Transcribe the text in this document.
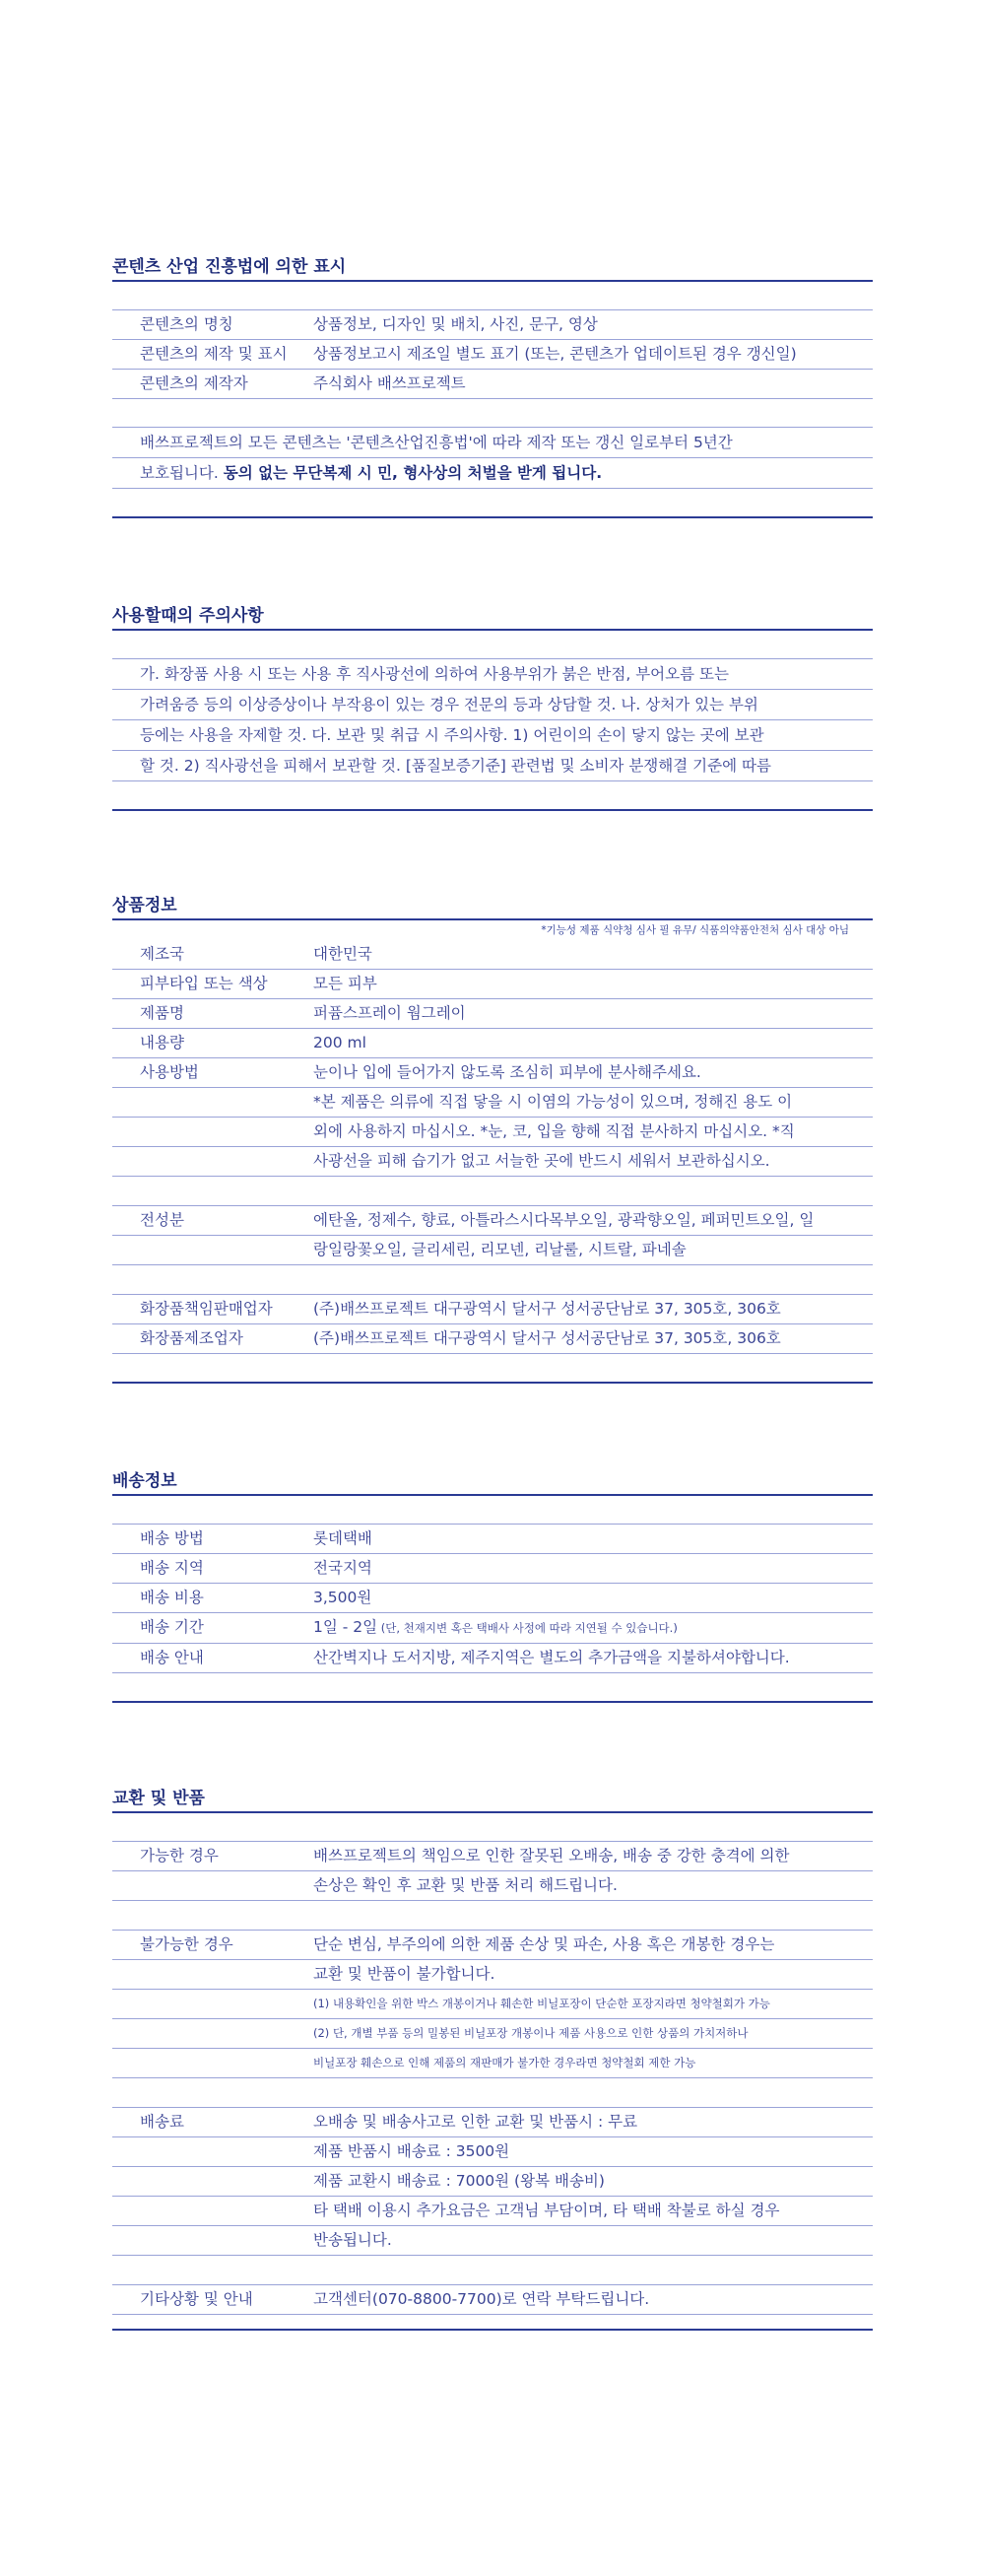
콘텐츠 산업 진흥법에 의한 표시
콘텐츠의 명칭	상품정보, 디자인 및 배치, 사진, 문구, 영상
콘텐츠의 제작 및 표시	상품정보고시 제조일 별도 표기 (또는, 콘텐츠가 업데이트된 경우 갱신일)
콘텐츠의 제작자	주식회사 배쓰프로젝트
배쓰프로젝트의 모든 콘텐츠는 '콘텐츠산업진흥법'에 따라 제작 또는 갱신 일로부터 5년간
보호됩니다. 동의 없는 무단복제 시 민, 형사상의 처벌을 받게 됩니다.
사용할때의 주의사항
가. 화장품 사용 시 또는 사용 후 직사광선에 의하여 사용부위가 붉은 반점, 부어오름 또는
가려움증 등의 이상증상이나 부작용이 있는 경우 전문의 등과 상담할 것. 나. 상처가 있는 부위
등에는 사용을 자제할 것. 다. 보관 및 취급 시 주의사항. 1) 어린이의 손이 닿지 않는 곳에 보관
할 것. 2) 직사광선을 피해서 보관할 것. [품질보증기준] 관련법 및 소비자 분쟁해결 기준에 따름
상품정보
*기능성 제품 식약청 심사 필 유무/ 식품의약품안전처 심사 대상 아님
제조국	대한민국
피부타입 또는 색상	모든 피부
제품명	퍼퓸스프레이 웜그레이
내용량	200 ml
사용방법	눈이나 입에 들어가지 않도록 조심히 피부에 분사해주세요.
*본 제품은 의류에 직접 닿을 시 이염의 가능성이 있으며, 정해진 용도 이
외에 사용하지 마십시오. *눈, 코, 입을 향해 직접 분사하지 마십시오. *직
사광선을 피해 습기가 없고 서늘한 곳에 반드시 세워서 보관하십시오.
전성분	에탄올, 정제수, 향료, 아틀라스시다목부오일, 광곽향오일, 페퍼민트오일, 일
랑일랑꽃오일, 글리세린, 리모넨, 리날룰, 시트랄, 파네솔
화장품책임판매업자	(주)배쓰프로젝트 대구광역시 달서구 성서공단남로 37, 305호, 306호
화장품제조업자	(주)배쓰프로젝트 대구광역시 달서구 성서공단남로 37, 305호, 306호
배송정보
배송 방법	롯데택배
배송 지역	전국지역
배송 비용	3,500원
배송 기간	1일 - 2일 (단, 천재지변 혹은 택배사 사정에 따라 지연될 수 있습니다.)
배송 안내	산간벽지나 도서지방, 제주지역은 별도의 추가금액을 지불하셔야합니다.
교환 및 반품
가능한 경우	배쓰프로젝트의 책임으로 인한 잘못된 오배송, 배송 중 강한 충격에 의한
손상은 확인 후 교환 및 반품 처리 해드립니다.
불가능한 경우	단순 변심, 부주의에 의한 제품 손상 및 파손, 사용 혹은 개봉한 경우는
교환 및 반품이 불가합니다.
(1) 내용확인을 위한 박스 개봉이거나 훼손한 비닐포장이 단순한 포장지라면 청약철회가 가능
(2) 단, 개별 부품 등의 밀봉된 비닐포장 개봉이나 제품 사용으로 인한 상품의 가치저하나
비닐포장 훼손으로 인해 제품의 재판매가 불가한 경우라면 청약철회 제한 가능
배송료	오배송 및 배송사고로 인한 교환 및 반품시 : 무료
제품 반품시 배송료 : 3500원
제품 교환시 배송료 : 7000원 (왕복 배송비)
타 택배 이용시 추가요금은 고객님 부담이며, 타 택배 착불로 하실 경우
반송됩니다.
기타상황 및 안내	고객센터(070-8800-7700)로 연락 부탁드립니다.
